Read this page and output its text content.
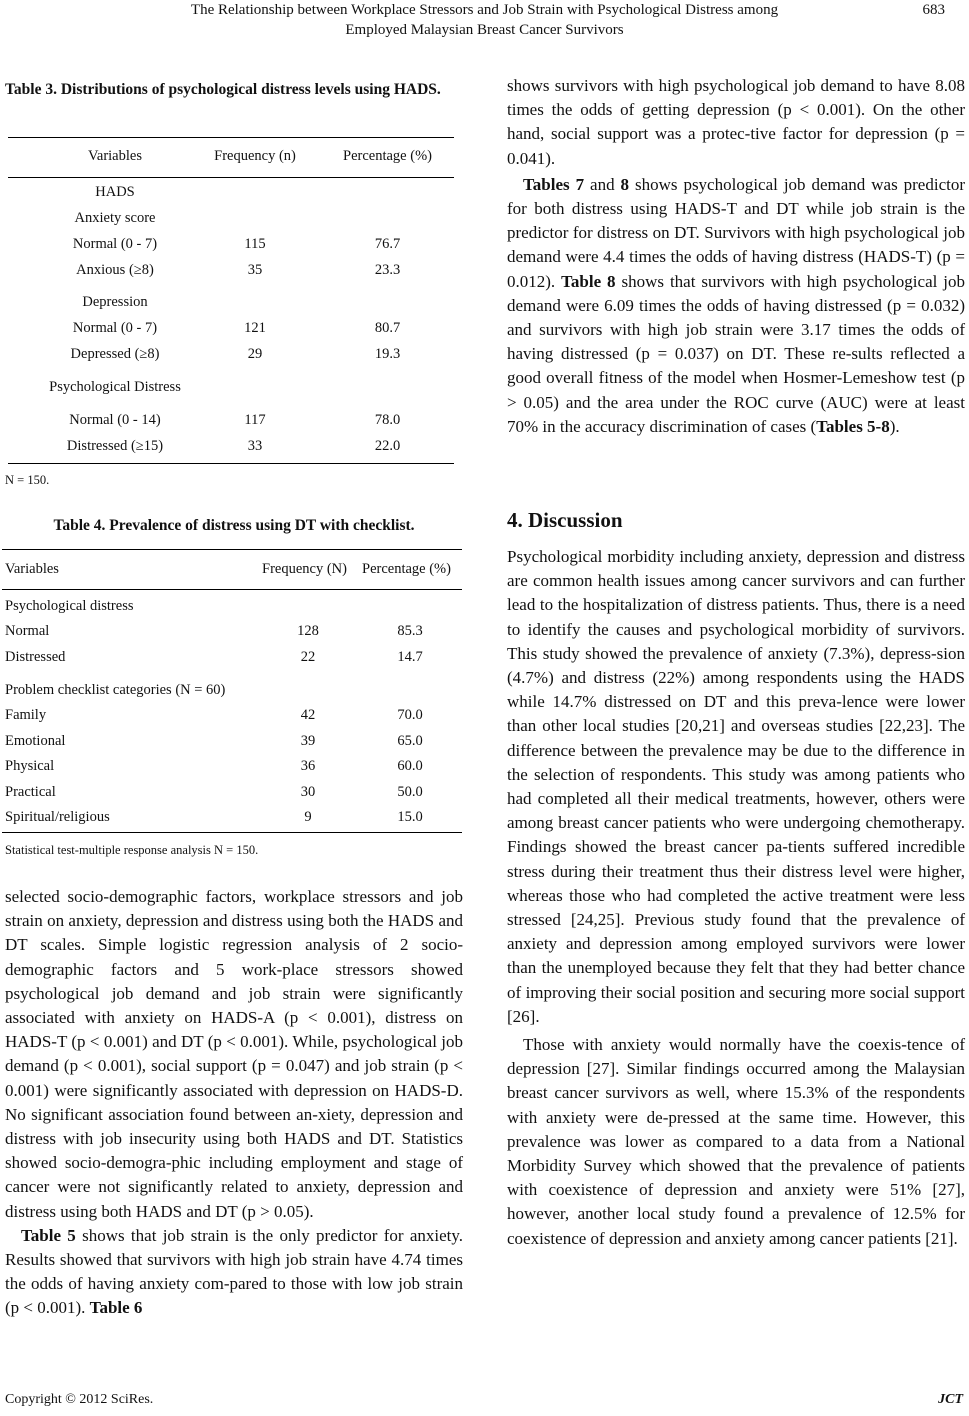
The Relationship between Workplace Stressors and Job Strain with Psychological Distress among
Employed Malaysian Breast Cancer Survivors
683
Table 3. Distributions of psychological distress levels using HADS.
Variables	Frequency (n)	Percentage (%)
HADS
Anxiety score
Normal (0 - 7)	115	76.7
Anxious (≥8)	35	23.3
Depression
Normal (0 - 7)	121	80.7
Depressed (≥8)	29	19.3
Psychological Distress
Normal (0 - 14)	117	78.0
Distressed (≥15)	33	22.0
N = 150.
Table 4. Prevalence of distress using DT with checklist.
Variables	Frequency (N) Percentage (%)
Psychological distress
Normal	128	85.3
Distressed	22	14.7
Problem checklist categories (N = 60)
Family	42	70.0
Emotional	39	65.0
Physical	36	60.0
Practical	30	50.0
Spiritual/religious	9	15.0
Statistical test-multiple response analysis N = 150.

selected socio-demographic factors, workplace stressors and job strain on anxiety, depression and distress using both the HADS and DT scales. Simple logistic regression analysis of 2 socio-demographic factors and 5 work-place stressors showed psychological job demand and job strain were significantly associated with anxiety on HADS-A (p < 0.001), distress on HADS-T (p < 0.001) and DT (p < 0.001). While, psychological job demand (p < 0.001), social support (p = 0.047) and job strain (p < 0.001) were significantly associated with depression on HADS-D. No significant association found between an-xiety, depression and distress with job insecurity using both HADS and DT. Statistics showed socio-demogra-phic including employment and stage of cancer were not significantly related to anxiety, depression and distress using both HADS and DT (p > 0.05).

Table 5 shows that job strain is the only predictor for anxiety. Results showed that survivors with high job strain have 4.74 times the odds of having anxiety com-pared to those with low job strain (p < 0.001). Table 6

shows survivors with high psychological job demand to have 8.08 times the odds of getting depression (p < 0.001). On the other hand, social support was a protec-tive factor for depression (p = 0.041).

Tables 7 and 8 shows psychological job demand was predictor for both distress using HADS-T and DT while job strain is the predictor for distress on DT. Survivors with high psychological job demand were 4.4 times the odds of having distress (HADS-T) (p = 0.012). Table 8 shows that survivors with high psychological job demand were 6.09 times the odds of having distressed (p = 0.032) and survivors with high job strain were 3.17 times the odds of having distressed (p = 0.037) on DT. These re-sults reflected a good overall fitness of the model when Hosmer-Lemeshow test (p > 0.05) and the area under the ROC curve (AUC) were at least 70% in the accuracy discrimination of cases (Tables 5-8).

4. Discussion

Psychological morbidity including anxiety, depression and distress are common health issues among cancer survivors and can further lead to the hospitalization of distress patients. Thus, there is a need to identify the causes and psychological morbidity of survivors. This study showed the prevalence of anxiety (7.3%), depress-sion (4.7%) and distress (22%) among respondents using the HADS while 14.7% distressed on DT and this preva-lence were lower than other local studies [20,21] and overseas studies [22,23]. The difference between the prevalence may be due to the difference in the selection of respondents. This study was among patients who had completed all their medical treatments, however, others were among breast cancer patients who were undergoing chemotherapy. Findings showed the breast cancer pa-tients suffered incredible stress during their treatment thus their distress level were higher, whereas those who had completed the active treatment were less stressed [24,25]. Previous study found that the prevalence of anxiety and depression among employed survivors were lower than the unemployed because they felt that they had better chance of improving their social position and securing more social support [26].

Those with anxiety would normally have the coexis-tence of depression [27]. Similar findings occurred among the Malaysian breast cancer survivors as well, where 15.3% of the respondents with anxiety were de-pressed at the same time. However, this prevalence was lower as compared to a data from a National Morbidity Survey which showed that the prevalence of patients with coexistence of depression and anxiety were 51% [27], however, another local study found a prevalence of 12.5% for coexistence of depression and anxiety among cancer patients [21].

Copyright © 2012 SciRes.	JCT
